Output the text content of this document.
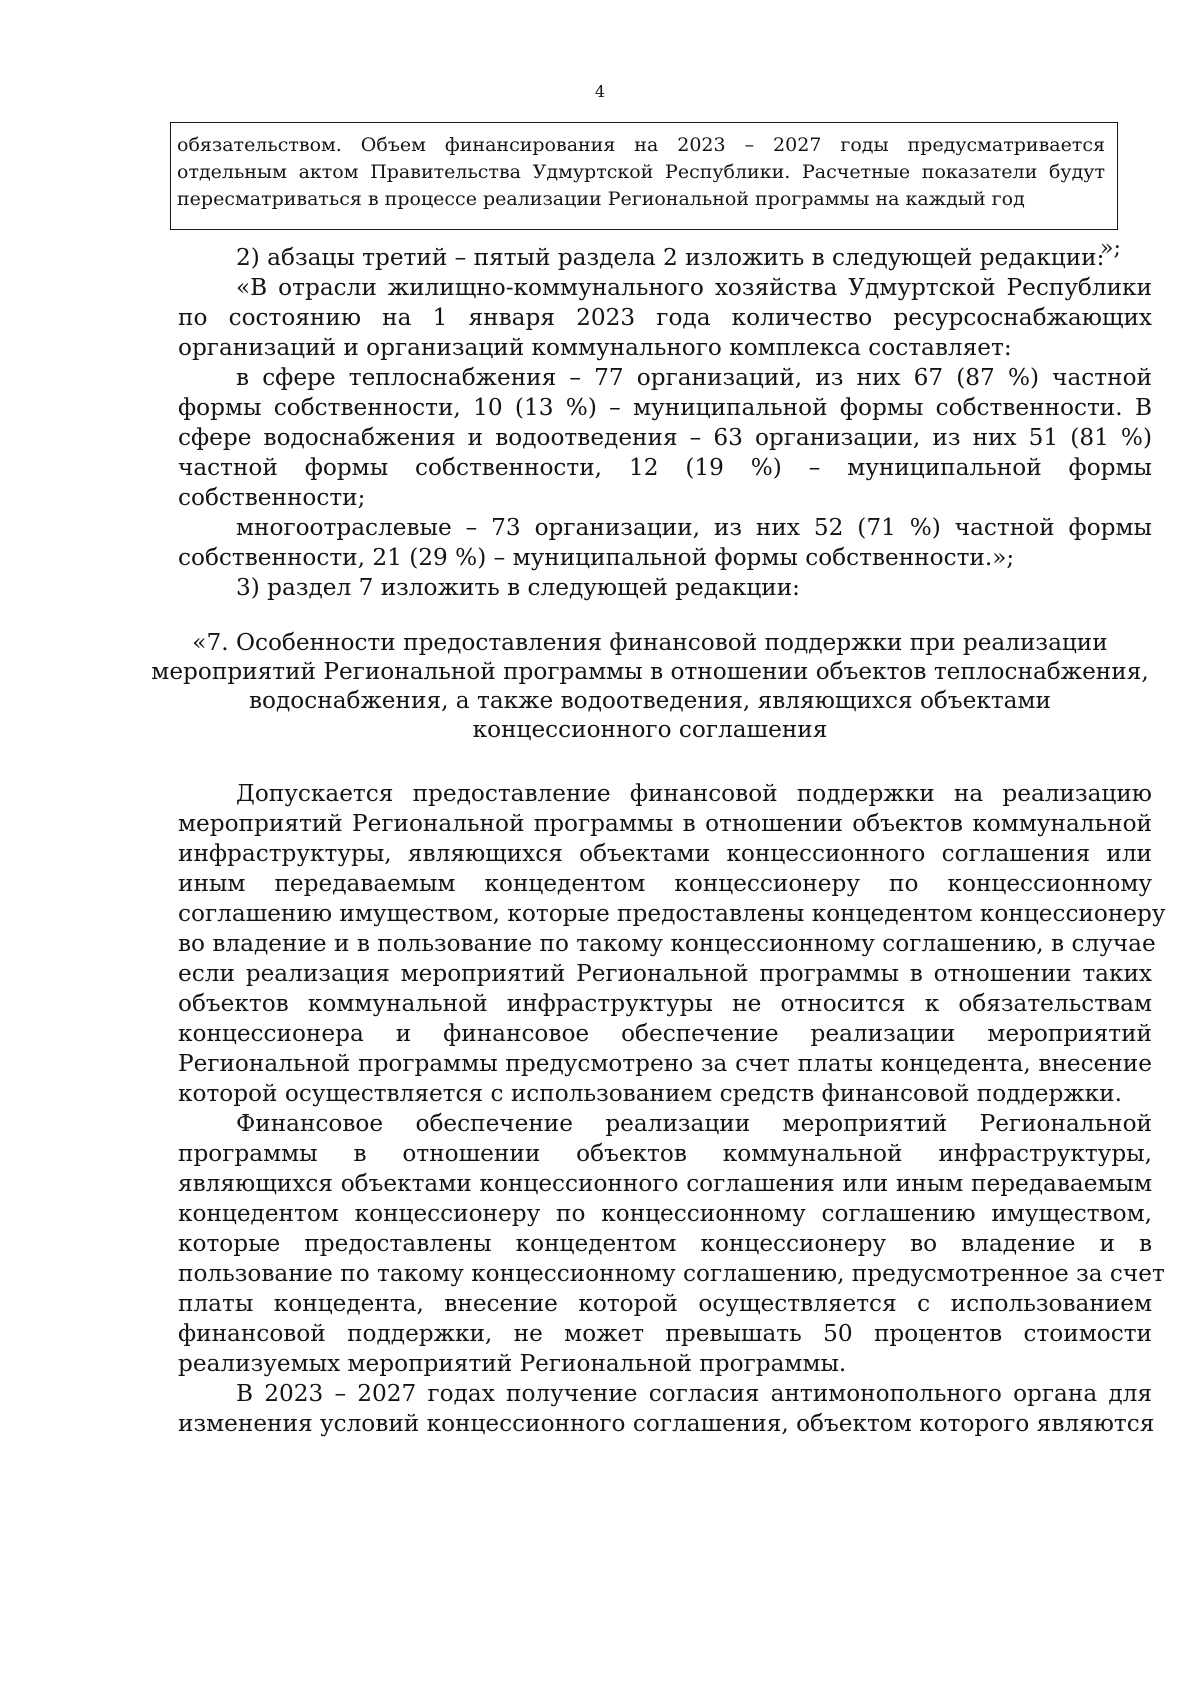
4
обязательством. Объем финансирования на 2023 – 2027 годы предусматривается
отдельным актом Правительства Удмуртской Республики. Расчетные показатели будут
пересматриваться в процессе реализации Региональной программы на каждый год
»;
2) абзацы третий – пятый раздела 2 изложить в следующей редакции:
«В отрасли жилищно-коммунального хозяйства Удмуртской Республики
по состоянию на 1 января 2023 года количество ресурсоснабжающих
организаций и организаций коммунального комплекса составляет:
в сфере теплоснабжения – 77 организаций, из них 67 (87 %) частной
формы собственности, 10 (13 %) – муниципальной формы собственности. В
сфере водоснабжения и водоотведения – 63 организации, из них 51 (81 %)
частной формы собственности, 12 (19 %) – муниципальной формы
собственности;
многоотраслевые – 73 организации, из них 52 (71 %) частной формы
собственности, 21 (29 %) – муниципальной формы собственности.»;
3) раздел 7 изложить в следующей редакции:
«7. Особенности предоставления финансовой поддержки при реализации
мероприятий Региональной программы в отношении объектов теплоснабжения,
водоснабжения, а также водоотведения, являющихся объектами
концессионного соглашения
Допускается предоставление финансовой поддержки на реализацию
мероприятий Региональной программы в отношении объектов коммунальной
инфраструктуры, являющихся объектами концессионного соглашения или
иным передаваемым концедентом концессионеру по концессионному
соглашению имуществом, которые предоставлены концедентом концессионеру
во владение и в пользование по такому концессионному соглашению, в случае
если реализация мероприятий Региональной программы в отношении таких
объектов коммунальной инфраструктуры не относится к обязательствам
концессионера и финансовое обеспечение реализации мероприятий
Региональной программы предусмотрено за счет платы концедента, внесение
которой осуществляется с использованием средств финансовой поддержки.
Финансовое обеспечение реализации мероприятий Региональной
программы в отношении объектов коммунальной инфраструктуры,
являющихся объектами концессионного соглашения или иным передаваемым
концедентом концессионеру по концессионному соглашению имуществом,
которые предоставлены концедентом концессионеру во владение и в
пользование по такому концессионному соглашению, предусмотренное за счет
платы концедента, внесение которой осуществляется с использованием
финансовой поддержки, не может превышать 50 процентов стоимости
реализуемых мероприятий Региональной программы.
В 2023 – 2027 годах получение согласия антимонопольного органа для
изменения условий концессионного соглашения, объектом которого являются
